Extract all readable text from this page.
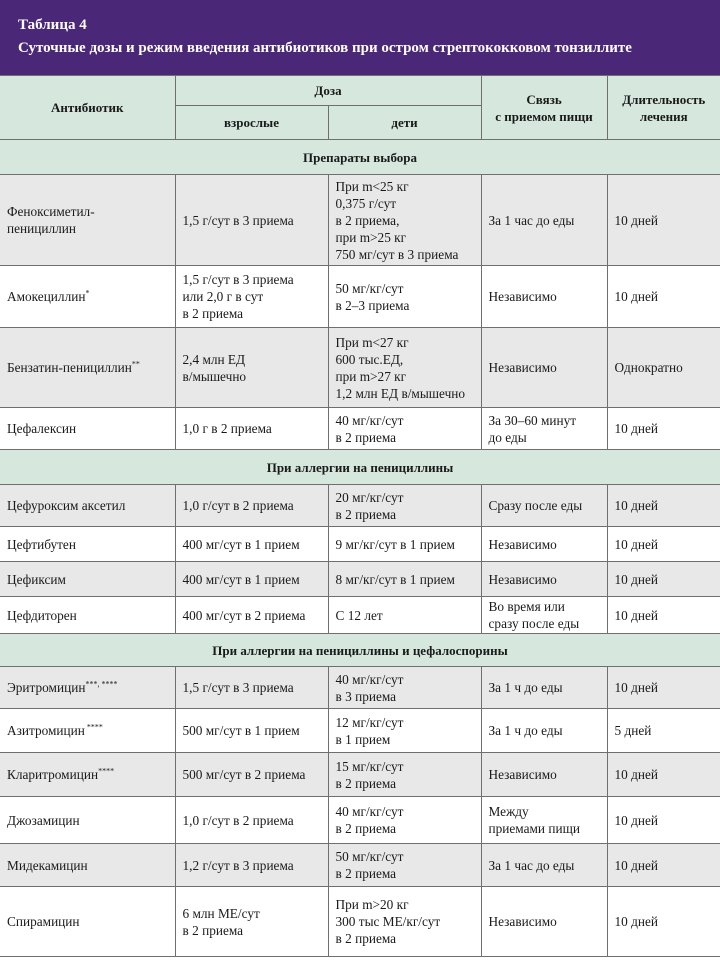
Таблица 4
Суточные дозы и режим введения антибиотиков при остром стрептококковом тонзиллите
Антибиотик	Доза		Связь
с приемом пищи	Длительность
лечения
	взрослые	дети		
Препараты выбора				
Феноксиметил-
пенициллин	1,5 г/сут в 3 приема	При m<25 кг
0,375 г/сут
в 2 приема,
при m>25 кг
750 мг/сут в 3 приема	За 1 час до еды	10 дней

Амокециллин*	1,5 г/сут в 3 приема
или 2,0 г в сут
в 2 приема	50 мг/кг/сут
в 2–3 приема	Независимо	10 дней

Бензатин-пенициллин**	2,4 млн ЕД
в/мышечно	При m<27 кг
600 тыс.ЕД,
при m>27 кг
1,2 млн ЕД в/мышечно	Независимо	Однократно

Цефалексин	1,0 г в 2 приема	40 мг/кг/сут
в 2 приема	За 30–60 минут
до еды	10 дней

При аллергии на пенициллины				
Цефуроксим аксетил	1,0 г/сут в 2 приема	20 мг/кг/сут
в 2 приема	Сразу после еды	10 дней

Цефтибутен	400 мг/сут в 1 прием	9 мг/кг/сут в 1 прием	Независимо	10 дней

Цефиксим	400 мг/сут в 1 прием	8 мг/кг/сут в 1 прием	Независимо	10 дней

Цефдиторен	400 мг/сут в 2 приема	С 12 лет	Во время или
сразу после еды	10 дней

При аллергии на пенициллины и цефалоспорины				
Эритромицин***, ****	1,5 г/сут в 3 приема	40 мг/кг/сут
в 3 приема	За 1 ч до еды	10 дней

Азитромицин ****	500 мг/сут в 1 прием	12 мг/кг/сут
в 1 прием	За 1 ч до еды	5 дней

Кларитромицин****	500 мг/сут в 2 приема	15 мг/кг/сут
в 2 приема	Независимо	10 дней

Джозамицин	1,0 г/сут в 2 приема	40 мг/кг/сут
в 2 приема	Между
приемами пищи	10 дней

Мидекамицин	1,2 г/сут в 3 приема	50 мг/кг/сут
в 2 приема	За 1 час до еды	10 дней

Спирамицин	6 млн МЕ/сут
в 2 приема	При m>20 кг
300 тыс МЕ/кг/сут
в 2 приема	Независимо	10 дней
